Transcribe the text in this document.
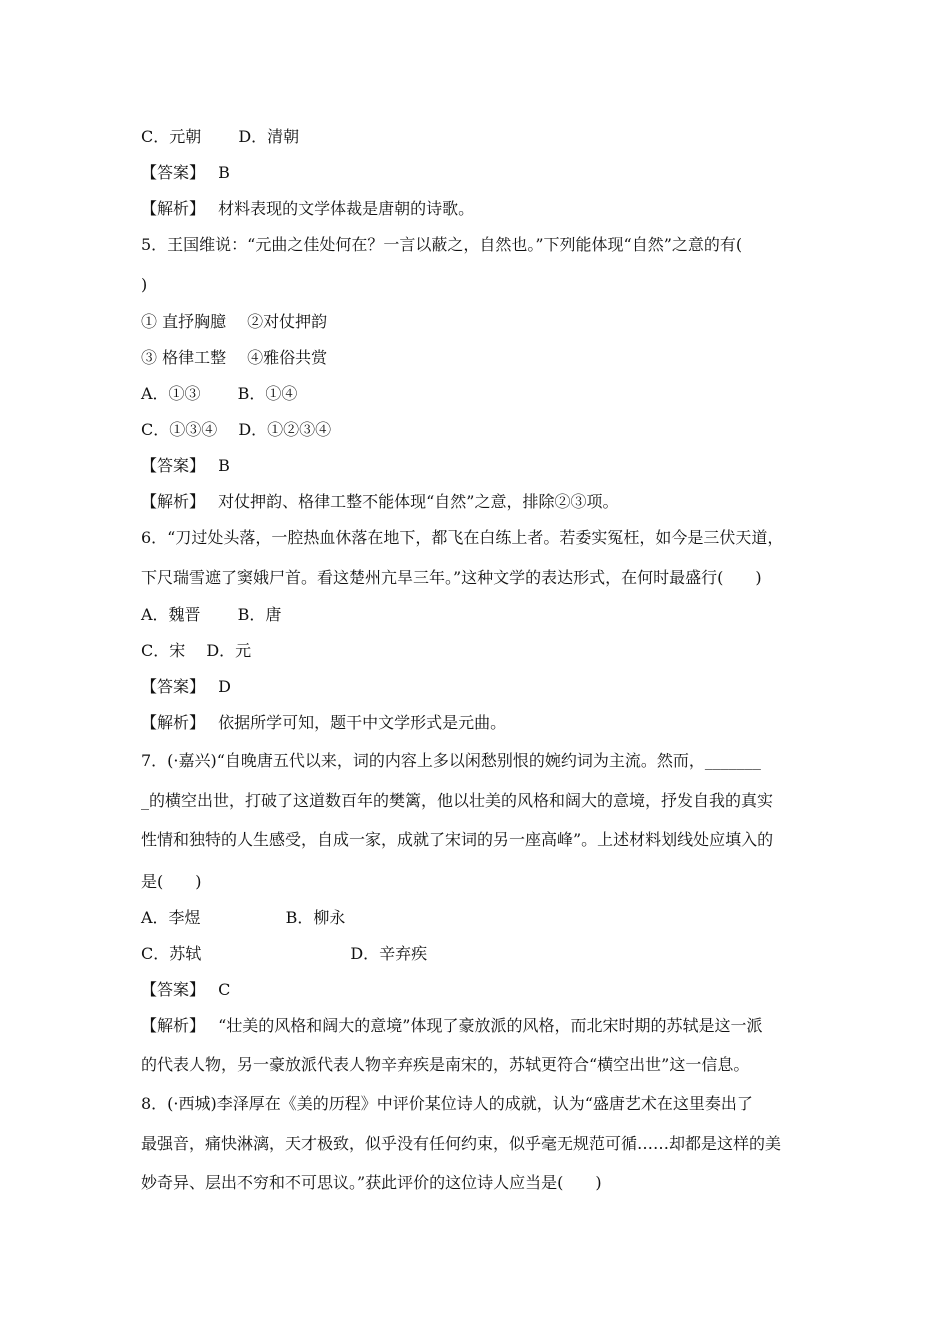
C．元朝　　 D．清朝
【答案】　 B
【解析】　 材料表现的文学体裁是唐朝的诗歌。
5．王国维说：“元曲之佳处何在？一言以蔽之，自然也。”下列能体现“自然”之意的有(
)
① 直抒胸臆　 ②对仗押韵
③ 格律工整　 ④雅俗共赏
A．①③　　 B．①④
C．①③④　 D．①②③④
【答案】　 B
【解析】　 对仗押韵、格律工整不能体现“自然”之意，排除②③项。
6．“刀过处头落，一腔热血休落在地下，都飞在白练上者。若委实冤枉，如今是三伏天道，
下尺瑞雪遮了窦娥尸首。看这楚州亢旱三年。”这种文学的表达形式，在何时最盛行(　　)
A．魏晋　　 B．唐
C．宋　 D．元
【答案】　 D
【解析】　 依据所学可知，题干中文学形式是元曲。
7．(·嘉兴)“自晚唐五代以来，词的内容上多以闲愁别恨的婉约词为主流。然而，_______
_的横空出世，打破了这道数百年的樊篱，他以壮美的风格和阔大的意境，抒发自我的真实
性情和独特的人生感受，自成一家，成就了宋词的另一座高峰”。上述材料划线处应填入的
是(　　)
A．李煜　　　　　 B．柳永
C．苏轼　　　　　　　　　 D．辛弃疾
【答案】　 C
【解析】　 “壮美的风格和阔大的意境”体现了豪放派的风格，而北宋时期的苏轼是这一派
的代表人物，另一豪放派代表人物辛弃疾是南宋的，苏轼更符合“横空出世”这一信息。
8．(·西城)李泽厚在《美的历程》中评价某位诗人的成就，认为“盛唐艺术在这里奏出了
最强音，痛快淋漓，天才极致，似乎没有任何约束，似乎毫无规范可循……却都是这样的美
妙奇异、层出不穷和不可思议。”获此评价的这位诗人应当是(　　)
